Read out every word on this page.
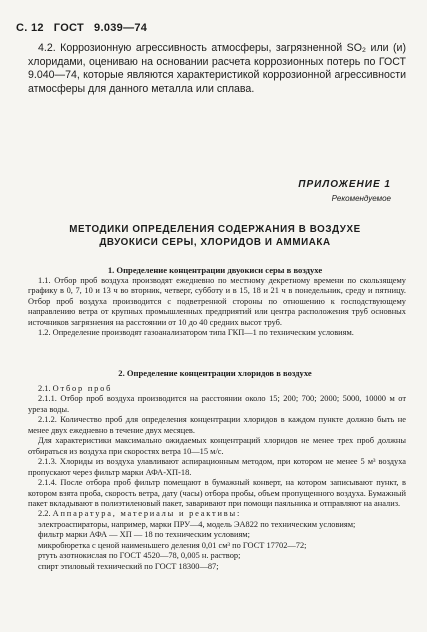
С. 12 ГОСТ 9.039—74

4.2. Коррозионную агрессивность атмосферы, загрязненной SO₂ или (и) хлоридами, оцениваю на основании расчета коррозионных потерь по ГОСТ 9.040—74, которые являются характеристикой коррозионной агрессивности атмосферы для данного металла или сплава.

ПРИЛОЖЕНИЕ 1
Рекомендуемое
МЕТОДИКИ ОПРЕДЕЛЕНИЯ СОДЕРЖАНИЯ В ВОЗДУХЕ
ДВУОКИСИ СЕРЫ, ХЛОРИДОВ И АММИАКА
1. Определение концентрации двуокиси серы в воздухе

1.1. Отбор проб воздуха производят ежедневно по местному декретному времени по скользящему графику в 0, 7, 10 и 13 ч во вторник, четверг, субботу и в 15, 18 и 21 ч в понедельник, среду и пятницу. Отбор проб воздуха производится с подветренной стороны по отношению к господствующему направлению ветра от крупных промышленных предприятий или центра расположения труб основных источников загрязнения на расстоянии от 10 до 40 средних высот труб.

1.2. Определение производят газоанализатором типа ГКП—1 по техническим условиям.

2. Определение концентрации хлоридов в воздухе

2.1. Отбор проб

2.1.1. Отбор проб воздуха производится на расстоянии около 15; 200; 700; 2000; 5000, 10000 м от уреза воды.

2.1.2. Количество проб для определения концентрации хлоридов в каждом пункте должно быть не менее двух ежедневно в течение двух месяцев.

Для характеристики максимально ожидаемых концентраций хлоридов не менее трех проб должны отбираться из воздуха при скоростях ветра 10—15 м/с.

2.1.3. Хлориды из воздуха улавливают аспирационным методом, при котором не менее 5 м³ воздуха пропускают через фильтр марки АФА-ХП-18.

2.1.4. После отбора проб фильтр помещают в бумажный конверт, на котором записывают пункт, в котором взята проба, скорость ветра, дату (часы) отбора пробы, объем пропущенного воздуха. Бумажный пакет вкладывают в полиэтиленовый пакет, заваривают при помощи паяльника и отправляют на анализ.

2.2. Аппаратура, материалы и реактивы:

электроаспираторы, например, марки ПРУ—4, модель ЭА822 по техническим условиям;

фильтр марки АФА — ХП — 18 по техническим условиям;

микробюретка с ценой наименьшего деления 0,01 см³ по ГОСТ 17702—72;

ртуть азотнокислая по ГОСТ 4520—78, 0,005 н. раствор;

спирт этиловый технический по ГОСТ 18300—87;
